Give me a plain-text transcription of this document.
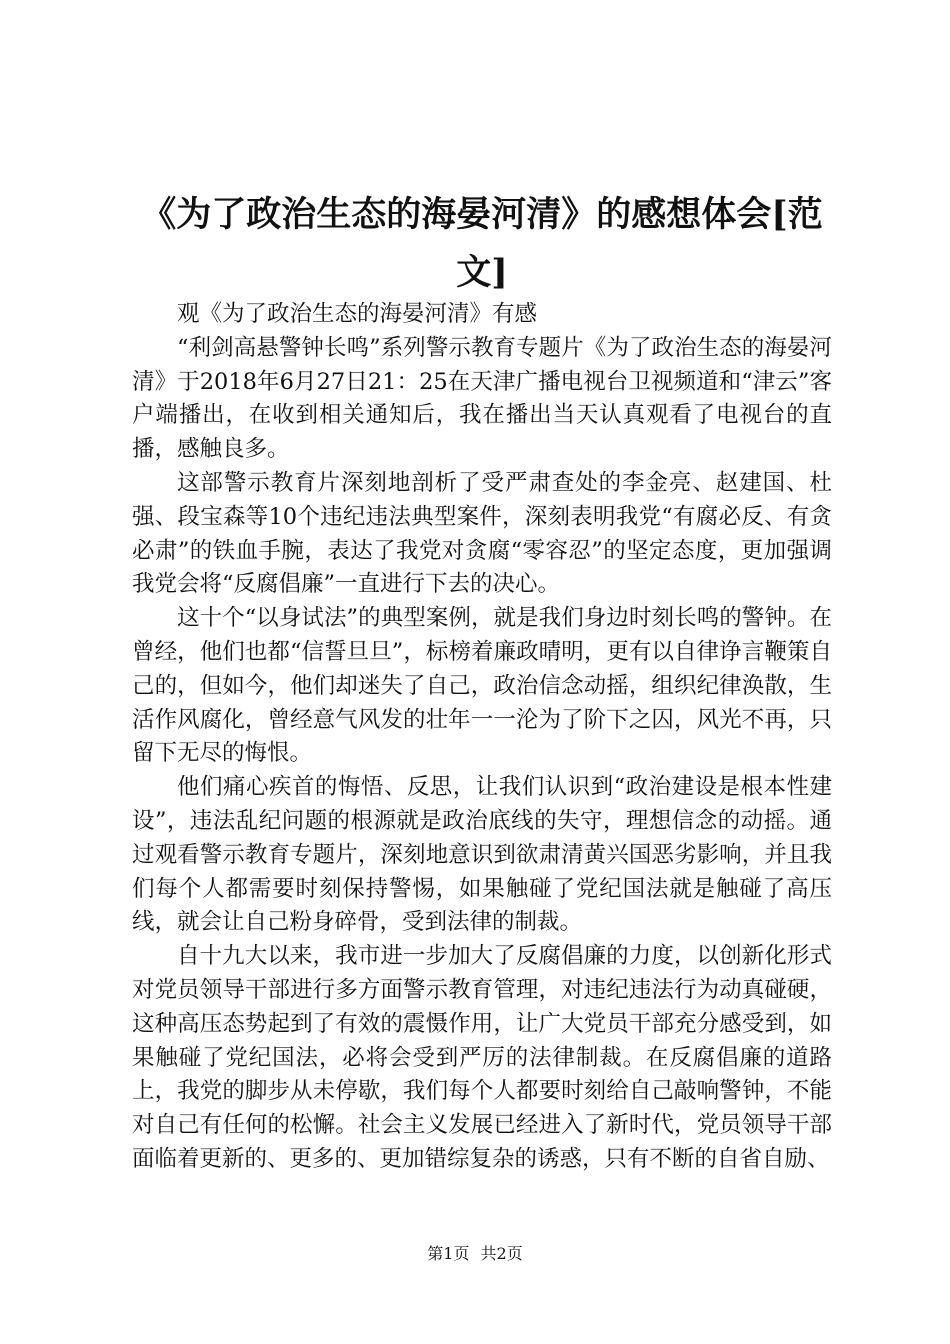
《为了政治生态的海晏河清》的感想体会[范文]

观《为了政治生态的海晏河清》有感

“利剑高悬警钟长鸣”系列警示教育专题片《为了政治生态的海晏河清》于2018年6月27日21：25在天津广播电视台卫视频道和“津云”客户端播出，在收到相关通知后，我在播出当天认真观看了电视台的直播，感触良多。

这部警示教育片深刻地剖析了受严肃查处的李金亮、赵建国、杜强、段宝森等10个违纪违法典型案件，深刻表明我党“有腐必反、有贪必肃”的铁血手腕，表达了我党对贪腐“零容忍”的坚定态度，更加强调我党会将“反腐倡廉”一直进行下去的决心。

这十个“以身试法”的典型案例，就是我们身边时刻长鸣的警钟。在曾经，他们也都“信誓旦旦”，标榜着廉政晴明，更有以自律诤言鞭策自己的，但如今，他们却迷失了自己，政治信念动摇，组织纪律涣散，生活作风腐化，曾经意气风发的壮年一一沦为了阶下之囚，风光不再，只留下无尽的悔恨。

他们痛心疾首的悔悟、反思，让我们认识到“政治建设是根本性建设”，违法乱纪问题的根源就是政治底线的失守，理想信念的动摇。通过观看警示教育专题片，深刻地意识到欲肃清黄兴国恶劣影响，并且我们每个人都需要时刻保持警惕，如果触碰了党纪国法就是触碰了高压线，就会让自己粉身碎骨，受到法律的制裁。

自十九大以来，我市进一步加大了反腐倡廉的力度，以创新化形式对党员领导干部进行多方面警示教育管理，对违纪违法行为动真碰硬，这种高压态势起到了有效的震慑作用，让广大党员干部充分感受到，如果触碰了党纪国法，必将会受到严厉的法律制裁。在反腐倡廉的道路上，我党的脚步从未停歇，我们每个人都要时刻给自己敲响警钟，不能对自己有任何的松懈。社会主义发展已经进入了新时代，党员领导干部面临着更新的、更多的、更加错综复杂的诱惑，只有不断的自省自励、

第1页 共2页
